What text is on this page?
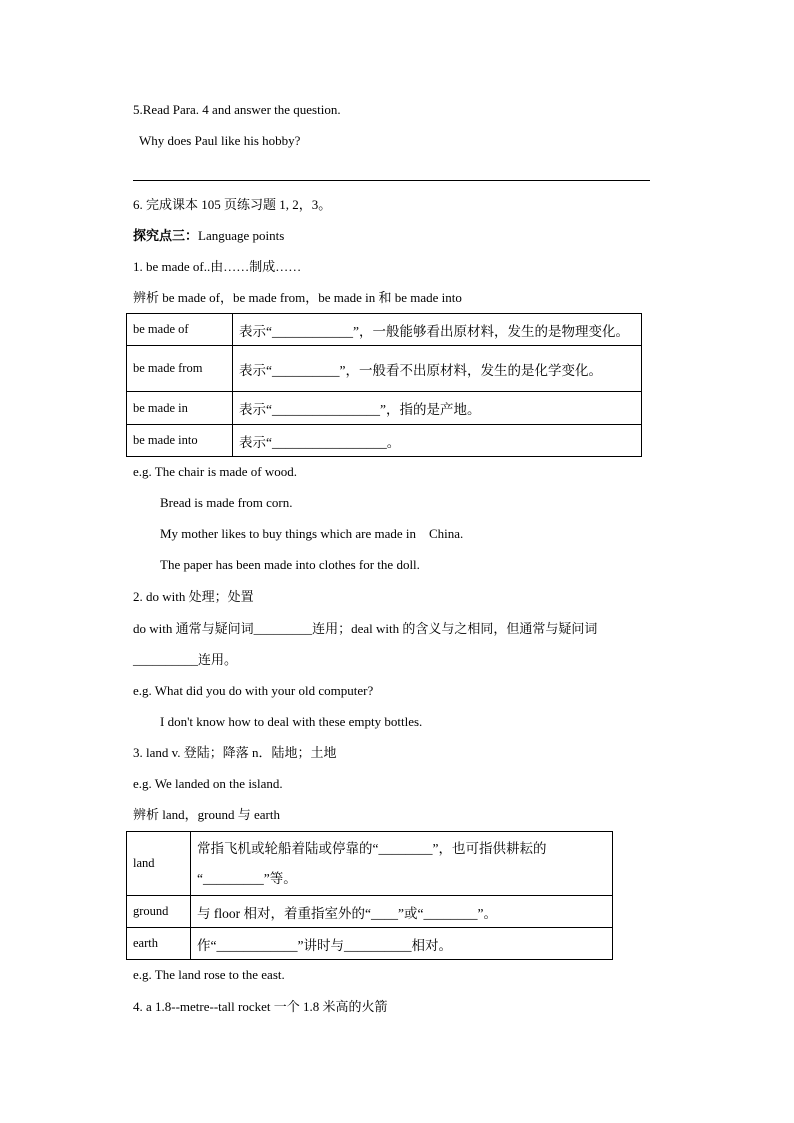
5.Read Para. 4 and answer the question.
Why does Paul like his hobby?
6. 完成课本 105 页练习题 1, 2，3。
探究点三：Language points
1. be made of..由……制成……
辨析 be made of，be made from，be made in 和 be made into
be made of	表示“____________”，一般能够看出原材料，发生的是物理变化。
be made from	表示“__________”，一般看不出原材料，发生的是化学变化。
be made in	表示“________________”，指的是产地。
be made into	表示“_________________。
e.g. The chair is made of wood.
Bread is made from corn.
My mother likes to buy things which are made in    China.
The paper has been made into clothes for the doll.
2. do with 处理；处置
do with 通常与疑问词_________连用；deal with 的含义与之相同，但通常与疑问词
__________连用。
e.g. What did you do with your old computer?
I don't know how to deal with these empty bottles.
3. land v. 登陆；降落 n．陆地；土地
e.g. We landed on the island.
辨析 land，ground 与 earth
land	常指飞机或轮船着陆或停靠的“________”，也可指供耕耘的
“_________”等。

ground	与 floor 相对，着重指室外的“____”或“________”。
earth	作“____________”讲时与__________相对。
e.g. The land rose to the east.
4. a 1.8--metre--tall rocket 一个 1.8 米高的火箭
